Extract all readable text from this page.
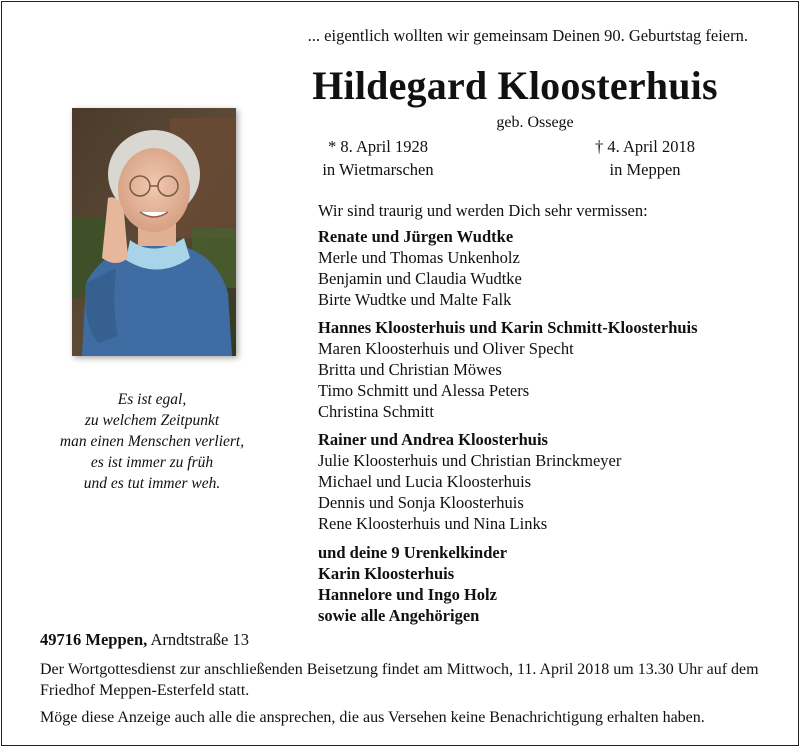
... eigentlich wollten wir gemeinsam Deinen 90. Geburtstag feiern.
Hildegard Kloosterhuis
geb. Ossege
* 8. April 1928
in Wietmarschen
† 4. April 2018
in Meppen
Es ist egal,
zu welchem Zeitpunkt
man einen Menschen verliert,
es ist immer zu früh
und es tut immer weh.
Wir sind traurig und werden Dich sehr vermissen:
Renate und Jürgen Wudtke
Merle und Thomas Unkenholz
Benjamin und Claudia Wudtke
Birte Wudtke und Malte Falk
Hannes Kloosterhuis und Karin Schmitt-Kloosterhuis
Maren Kloosterhuis und Oliver Specht
Britta und Christian Möwes
Timo Schmitt und Alessa Peters
Christina Schmitt
Rainer und Andrea Kloosterhuis
Julie Kloosterhuis und Christian Brinckmeyer
Michael und Lucia Kloosterhuis
Dennis und Sonja Kloosterhuis
Rene Kloosterhuis und Nina Links
und deine 9 Urenkelkinder
Karin Kloosterhuis
Hannelore und Ingo Holz
sowie alle Angehörigen
49716 Meppen, Arndtstraße 13
Der Wortgottesdienst zur anschließenden Beisetzung findet am Mittwoch, 11. April 2018 um 13.30 Uhr auf dem Friedhof Meppen-Esterfeld statt.
Möge diese Anzeige auch alle die ansprechen, die aus Versehen keine Benachrichtigung erhalten haben.
